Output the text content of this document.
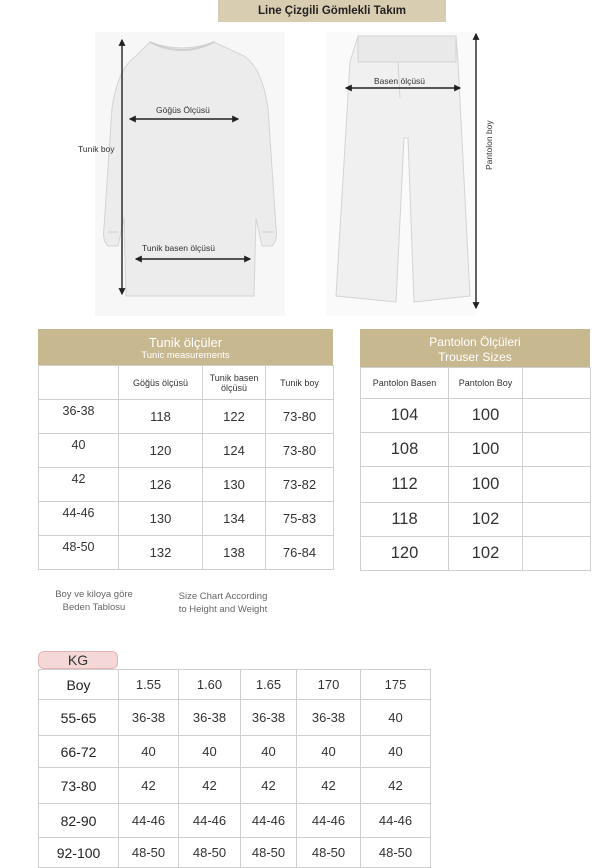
Line Çizgili Gömlekli Takım
Göğüs Ölçüsü
Tunik boy
Tunik basen ölçüsü
Basen ölçüsü
Pantolon boy
Tunik ölçüler
Tunic measurements
	Göğüs ölçüsü	Tunik basen ölçüsü	Tunik boy
36-38	118	122	73-80
40	120	124	73-80
42	126	130	73-82
44-46	130	134	75-83
48-50	132	138	76-84
Pantolon Ölçüleri
Trouser Sizes
Pantolon Basen	Pantolon Boy	
104	100	
108	100	
112	100	
118	102	
120	102	
Boy ve kiloya göre
Beden Tablosu
Size Chart According
to Height and Weight
KG
Boy	1.55	1.60	1.65	170	175
55-65	36-38	36-38	36-38	36-38	40
66-72	40	40	40	40	40
73-80	42	42	42	42	42
82-90	44-46	44-46	44-46	44-46	44-46
92-100	48-50	48-50	48-50	48-50	48-50
